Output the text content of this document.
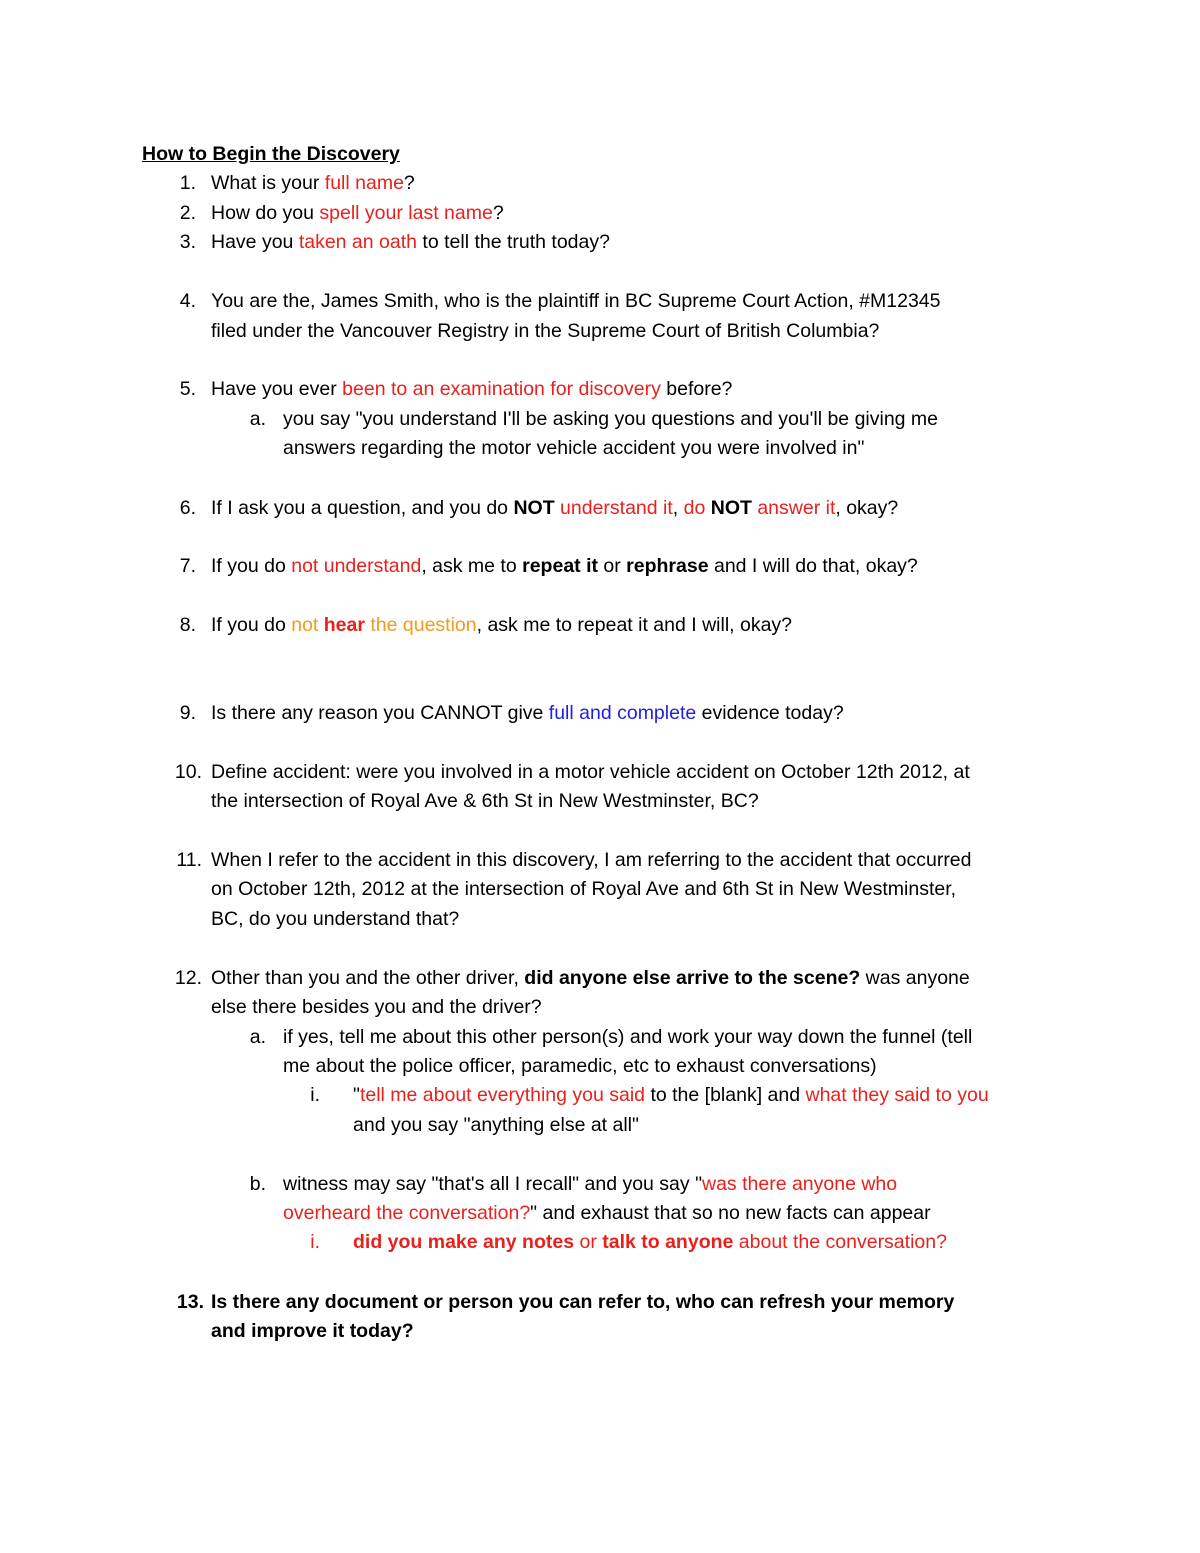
How to Begin the Discovery
1. What is your full name?
2. How do you spell your last name?
3. Have you taken an oath to tell the truth today?
4. You are the, James Smith, who is the plaintiff in BC Supreme Court Action, #M12345
filed under the Vancouver Registry in the Supreme Court of British Columbia?
5. Have you ever been to an examination for discovery before?
a. you say "you understand I'll be asking you questions and you'll be giving me
answers regarding the motor vehicle accident you were involved in"
6. If I ask you a question, and you do NOT understand it, do NOT answer it, okay?
7. If you do not understand, ask me to repeat it or rephrase and I will do that, okay?
8. If you do not hear the question, ask me to repeat it and I will, okay?
9. Is there any reason you CANNOT give full and complete evidence today?
10. Define accident: were you involved in a motor vehicle accident on October 12th 2012, at
the intersection of Royal Ave & 6th St in New Westminster, BC?
11. When I refer to the accident in this discovery, I am referring to the accident that occurred
on October 12th, 2012 at the intersection of Royal Ave and 6th St in New Westminster,
BC, do you understand that?
12. Other than you and the other driver, did anyone else arrive to the scene? was anyone
else there besides you and the driver?
a. if yes, tell me about this other person(s) and work your way down the funnel (tell
me about the police officer, paramedic, etc to exhaust conversations)
i. "tell me about everything you said to the [blank] and what they said to you
and you say "anything else at all"
b. witness may say "that's all I recall" and you say "was there anyone who
overheard the conversation?" and exhaust that so no new facts can appear
i. did you make any notes or talk to anyone about the conversation?
13. Is there any document or person you can refer to, who can refresh your memory
and improve it today?
